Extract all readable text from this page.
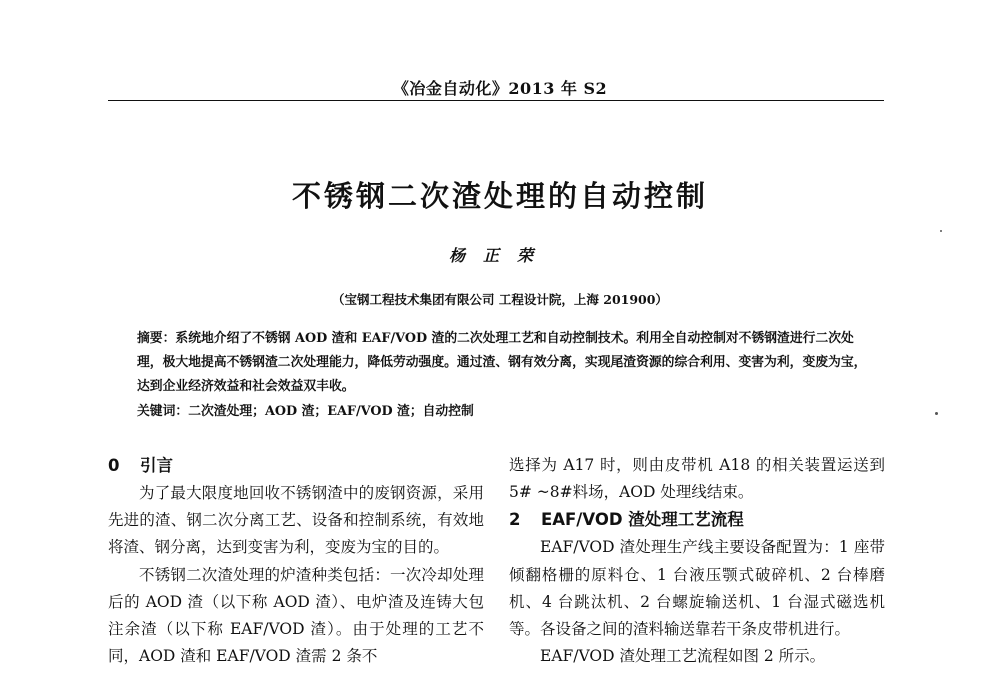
《冶金自动化》2013 年 S2
不锈钢二次渣处理的自动控制
杨正荣
（宝钢工程技术集团有限公司 工程设计院，上海 201900）
摘要：系统地介绍了不锈钢 AOD 渣和 EAF/VOD 渣的二次处理工艺和自动控制技术。利用全自动控制对不锈钢渣进行二次处理，极大地提高不锈钢渣二次处理能力，降低劳动强度。通过渣、钢有效分离，实现尾渣资源的综合利用、变害为利，变废为宝，达到企业经济效益和社会效益双丰收。
关键词：二次渣处理；AOD 渣；EAF/VOD 渣；自动控制
0 引言

为了最大限度地回收不锈钢渣中的废钢资源，采用先进的渣、钢二次分离工艺、设备和控制系统，有效地将渣、钢分离，达到变害为利，变废为宝的目的。

不锈钢二次渣处理的炉渣种类包括：一次冷却处理后的 AOD 渣（以下称 AOD 渣）、电炉渣及连铸大包注余渣（以下称 EAF/VOD 渣）。由于处理的工艺不同，AOD 渣和 EAF/VOD 渣需 2 条不

选择为 A17 时，则由皮带机 A18 的相关装置运送到 5# ~8#料场，AOD 处理线结束。

2 EAF/VOD 渣处理工艺流程

EAF/VOD 渣处理生产线主要设备配置为：1 座带倾翻格栅的原料仓、1 台液压颚式破碎机、2 台棒磨机、4 台跳汰机、2 台螺旋输送机、1 台湿式磁选机等。各设备之间的渣料输送靠若干条皮带机进行。

EAF/VOD 渣处理工艺流程如图 2 所示。
